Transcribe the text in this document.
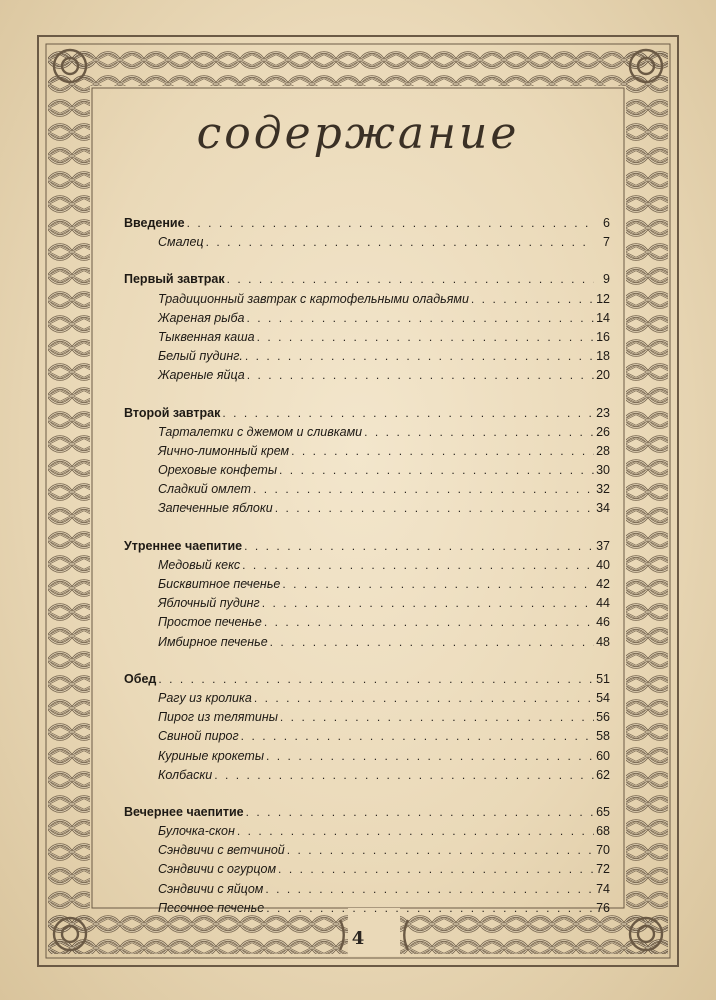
содержание
Введение . . .	6
Смалец . . .	7
Первый завтрак . . .	9
Традиционный завтрак с картофельными оладьями . . .	12
Жареная рыба . . .	14
Тыквенная каша . . .	16
Белый пудинг. . . .	18
Жареные яйца . . .	20
Второй завтрак . . .	23
Тарталетки с джемом и сливками . . .	26
Яично-лимонный крем . . .	28
Ореховые конфеты . . .	30
Сладкий омлет . . .	32
Запеченные яблоки . . .	34
Утреннее чаепитие . . .	37
Медовый кекс . . .	40
Бисквитное печенье . . .	42
Яблочный пудинг . . .	44
Простое печенье . . .	46
Имбирное печенье . . .	48
Обед . . .	51
Рагу из кролика . . .	54
Пирог из телятины . . .	56
Свиной пирог . . .	58
Куриные крокеты . . .	60
Колбаски . . .	62
Вечернее чаепитие . . .	65
Булочка-скон . . .	68
Сэндвичи с ветчиной . . .	70
Сэндвичи с огурцом . . .	72
Сэндвичи с яйцом . . .	74
Песочное печенье . . .	76
4
